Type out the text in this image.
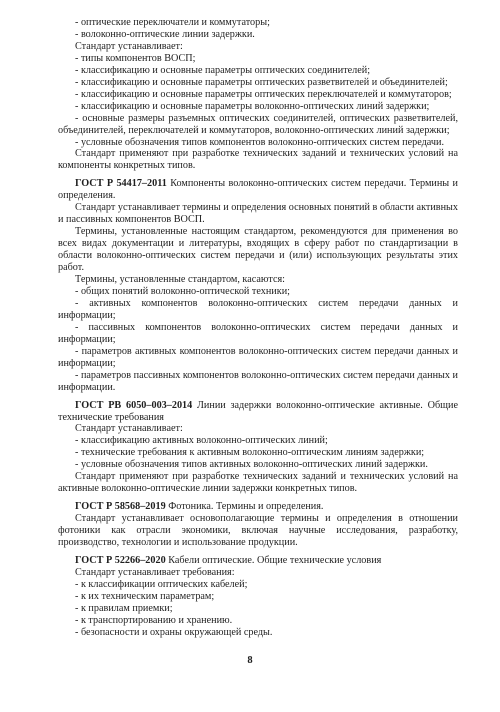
- оптические переключатели и коммутаторы;

- волоконно-оптические линии задержки.

Стандарт устанавливает:

- типы компонентов ВОСП;

- классификацию и основные параметры оптических соединителей;

- классификацию и основные параметры оптических разветвителей и объединителей;

- классификацию и основные параметры оптических переключателей и коммутаторов;

- классификацию и основные параметры волоконно-оптических линий задержки;

- основные размеры разъемных оптических соединителей, оптических разветвителей, объединителей, переключателей и коммутаторов, волоконно-оптических линий задержки;

- условные обозначения типов компонентов волоконно-оптических систем передачи.

Стандарт применяют при разработке технических заданий и технических условий на компоненты конкретных типов.

ГОСТ Р 54417–2011 Компоненты волоконно-оптических систем передачи. Термины и определения.

Стандарт устанавливает термины и определения основных понятий в области активных и пассивных компонентов ВОСП.

Термины, установленные настоящим стандартом, рекомендуются для применения во всех видах документации и литературы, входящих в сферу работ по стандартизации в области волоконно-оптических систем передачи и (или) использующих результаты этих работ.

Термины, установленные стандартом, касаются:

- общих понятий волоконно-оптической техники;

- активных компонентов волоконно-оптических систем передачи данных и информации;

- пассивных компонентов волоконно-оптических систем передачи данных и информации;

- параметров активных компонентов волоконно-оптических систем передачи данных и информации;

- параметров пассивных компонентов волоконно-оптических систем передачи данных и информации.

ГОСТ РВ 6050–003–2014 Линии задержки волоконно-оптические активные. Общие технические требования

Стандарт устанавливает:

- классификацию активных волоконно-оптических линий;

- технические требования к активным волоконно-оптическим линиям задержки;

- условные обозначения типов активных волоконно-оптических линий задержки.

Стандарт применяют при разработке технических заданий и технических условий на активные волоконно-оптические линии задержки конкретных типов.

ГОСТ Р 58568–2019 Фотоника. Термины и определения.

Стандарт устанавливает основополагающие термины и определения в отношении фотоники как отрасли экономики, включая научные исследования, разработку, производство, технологии и использование продукции.

ГОСТ Р 52266–2020 Кабели оптические. Общие технические условия

Стандарт устанавливает требования:

- к классификации оптических кабелей;

- к их техническим параметрам;

- к правилам приемки;

- к транспортированию и хранению.

- безопасности и охраны окружающей среды.

8
